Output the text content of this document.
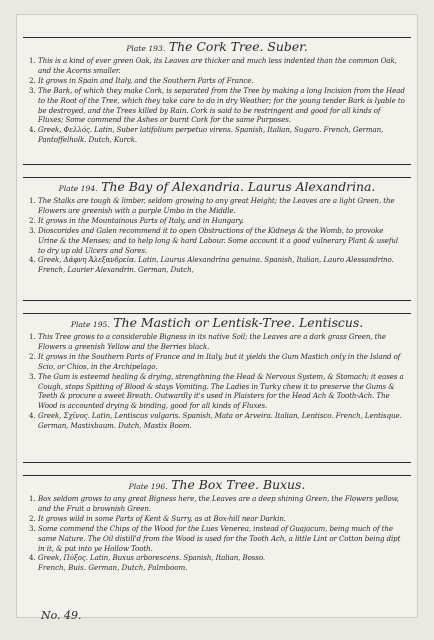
Plate 193. The Cork Tree. Suber.
1. This is a kind of ever green Oak, its Leaves are thicker and much less indented than the common Oak, and the Acorns smaller.
2. It grows in Spain and Italy, and the Southern Parts of France.
3. The Bark, of which they make Cork, is separated from the Tree by making a long Incision from the Head to the Root of the Tree, which they take care to do in dry Weather; for the young tender Bark is lyable to be destroyed, and the Trees killed by Rain. Cork is said to be restringent and good for all kinds of Fluxes; Some commend the Ashes or burnt Cork for the same Purposes.
4. Greek, Φελλός. Latin, Suber latifolium perpetuo virens. Spanish, Italian, Sugaro. French, German, Pantoffelholk. Dutch, Kurck.
Plate 194. The Bay of Alexandria. Laurus Alexandrina.
1. The Stalks are tough & limber, seldom growing to any great Height; the Leaves are a light Green, the Flowers are greenish with a purple Umbo in the Middle.
2. It grows in the Mountainous Parts of Italy, and in Hungary.
3. Dioscorides and Galen recommend it to open Obstructions of the Kidneys & the Womb, to provoke Urine & the Menses; and to help long & hard Labour. Some account it a good vulnerary Plant & useful to dry up old Ulcers and Sores.
4. Greek, Δάφνη Ἀλεξανδρεία. Latin, Laurus Alexandrina genuina. Spanish, Italian, Lauro Alessandrino. French, Laurier Alexandrin. German, Dutch,
Plate 195. The Mastich or Lentisk-Tree. Lentiscus.
1. This Tree grows to a considerable Bigness in its native Soil; the Leaves are a dark grass Green, the Flowers a greenish Yellow and the Berries black.
2. It grows in the Southern Parts of France and in Italy, but it yields the Gum Mastich only in the Island of Scio, or Chios, in the Archipelago.
3. The Gum is esteemd healing & drying, strengthning the Head & Nervous System, & Stomach; it eases a Cough, stops Spitting of Blood & stays Vomiting. The Ladies in Turky chew it to preserve the Gums & Teeth & procure a sweet Breath. Outwardly it's used in Plaisters for the Head Ach & Tooth-Ach. The Wood is accounted drying & binding, good for all kinds of Fluxes.
4. Greek, Σχῖνος. Latin, Lentiscus vulgaris. Spanish, Mata or Arveira. Italian, Lentisco. French, Lentisque. German, Mastixbaum. Dutch, Mastix Boom.
Plate 196. The Box Tree. Buxus.
1. Box seldom grows to any great Bigness here, the Leaves are a deep shining Green, the Flowers yellow, and the Fruit a brownish Green.
2. It grows wild in some Parts of Kent & Surry, as at Box-hill near Darkin.
3. Some commend the Chips of the Wood for the Lues Venerea, instead of Guajacum, being much of the same Nature. The Oil distill'd from the Wood is used for the Tooth Ach, a little Lint or Cotton being dipt in it, & put into ye Hollow Tooth.
4. Greek, Πύξος. Latin, Buxus arborescens. Spanish, Italian, Bosso.
French, Buis. German, Dutch, Palmboom.
No. 49.
